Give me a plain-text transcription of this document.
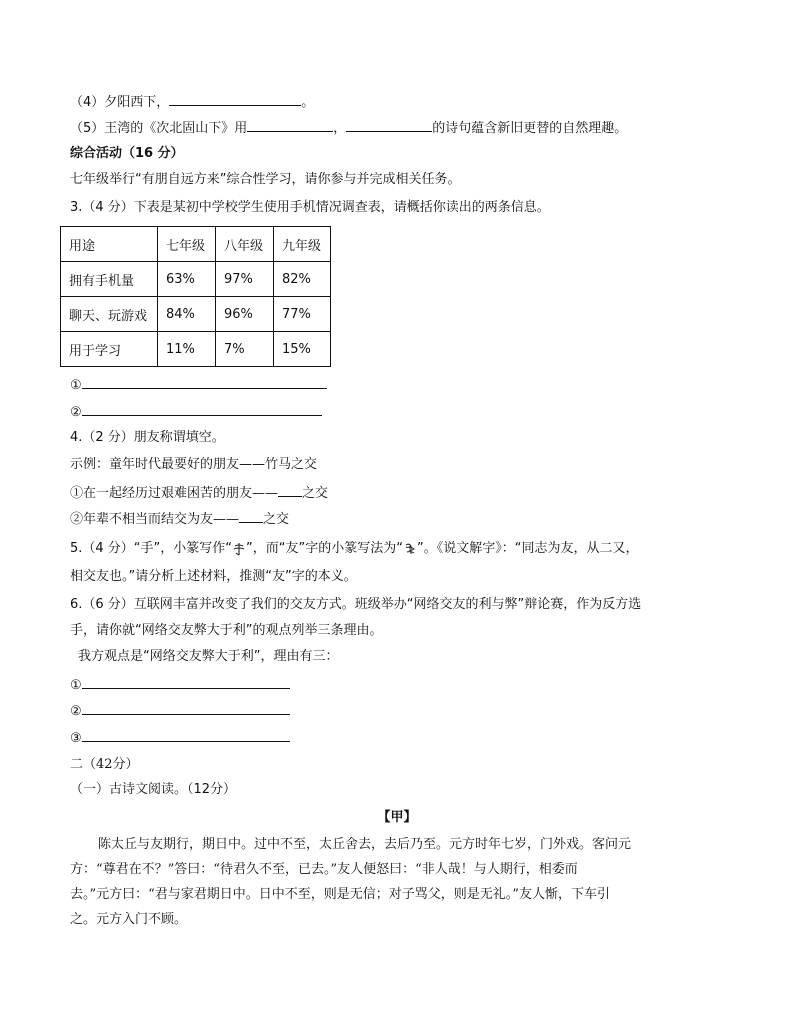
（4）夕阳西下，	。
（5）王湾的《次北固山下》用	，	的诗句蕴含新旧更替的自然理趣。
综合活动（16 分）
七年级举行“有朋自远方来”综合性学习，请你参与并完成相关任务。
3.（4 分）下表是某初中学校学生使用手机情况调查表，请概括你读出的两条信息。
用途	七年级	八年级	九年级
拥有手机量	63%	97%	82%
聊天、玩游戏	84%	96%	77%
用于学习	11%	7%	15%
①
②
4.（2 分）朋友称谓填空。
示例：童年时代最要好的朋友——竹马之交
①在一起经历过艰难困苦的朋友—— 之交
②年辈不相当而结交为友—— 之交
5.（4 分）“手”，小篆写作“ ”，而“友”字的小篆写法为“ ”。《说文解字》：“同志为友，从二又，
相交友也。”请分析上述材料，推测“友”字的本义。
6.（6 分）互联网丰富并改变了我们的交友方式。班级举办“网络交友的利与弊”辩论赛，作为反方选
手，请你就“网络交友弊大于利”的观点列举三条理由。
我方观点是“网络交友弊大于利”，理由有三：
①
②
③
二（42分）
（一）古诗文阅读。（12分）
【甲】
陈太丘与友期行，期日中。过中不至，太丘舍去，去后乃至。元方时年七岁，门外戏。客问元
方：“尊君在不？”答曰：“待君久不至，已去。”友人便怒曰：“非人哉！与人期行，相委而
去。”元方曰：“君与家君期日中。日中不至，则是无信；对子骂父，则是无礼。”友人惭，下车引
之。元方入门不顾。
